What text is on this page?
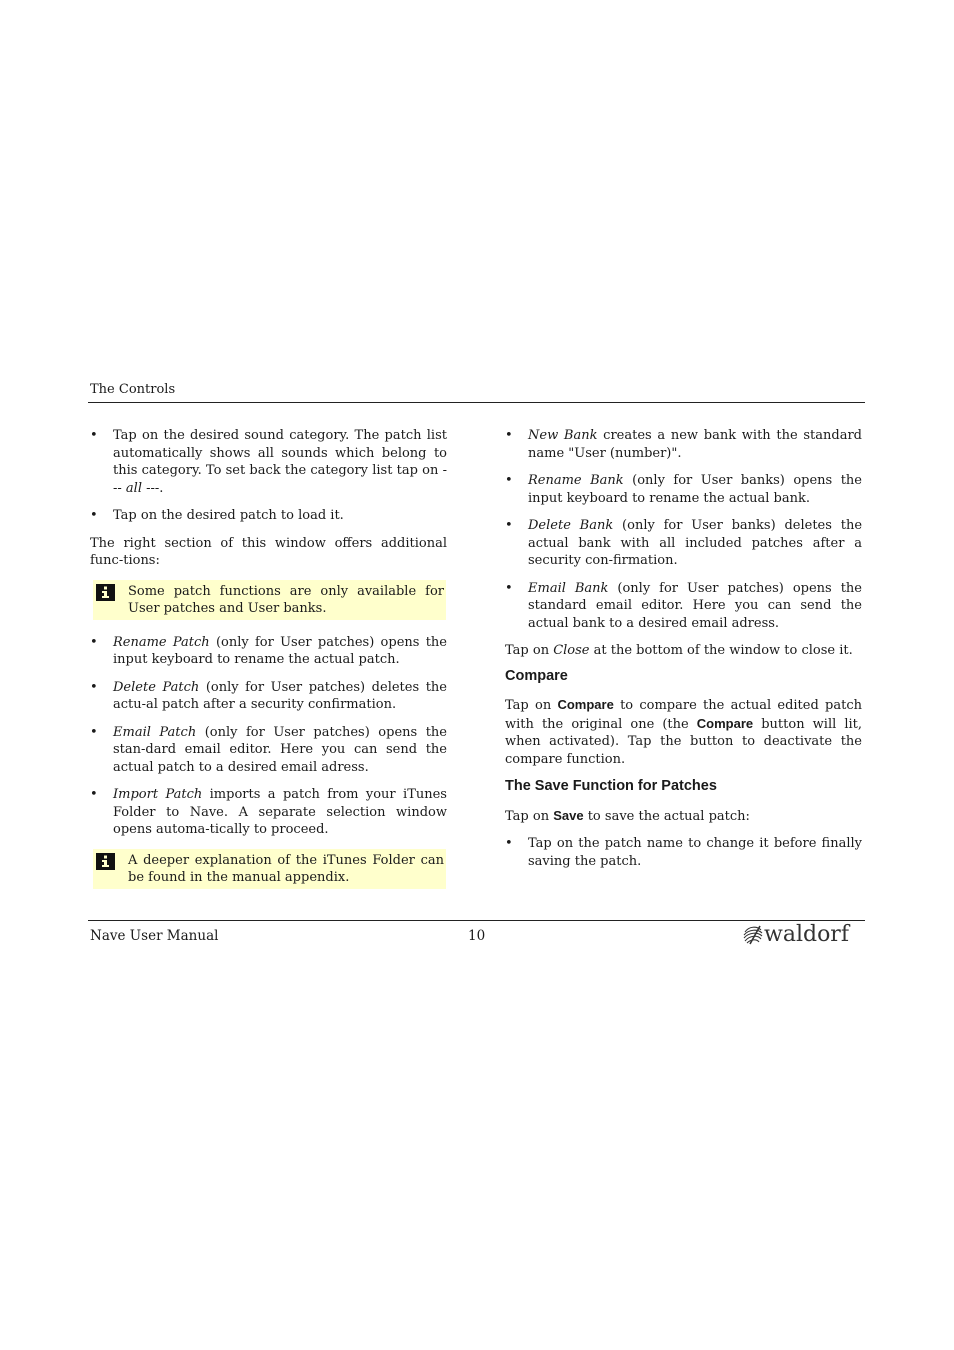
The Controls
• Tap on the desired sound category. The patch list automatically shows all sounds which belong to this category. To set back the category list tap on --- all ---.
• Tap on the desired patch to load it.

The right section of this window offers additional func-tions:

Some patch functions are only available for User patches and User banks.
• Rename Patch (only for User patches) opens the input keyboard to rename the actual patch.
• Delete Patch (only for User patches) deletes the actu-al patch after a security confirmation.
• Email Patch (only for User patches) opens the stan-dard email editor. Here you can send the actual patch to a desired email adress.
• Import Patch imports a patch from your iTunes Folder to Nave. A separate selection window opens automa-tically to proceed.
A deeper explanation of the iTunes Folder can be found in the manual appendix.
• New Bank creates a new bank with the standard name "User (number)".
• Rename Bank (only for User banks) opens the input keyboard to rename the actual bank.
• Delete Bank (only for User banks) deletes the actual bank with all included patches after a security con-firmation.
• Email Bank (only for User patches) opens the standard email editor. Here you can send the actual bank to a desired email adress.

Tap on Close at the bottom of the window to close it.

Compare

Tap on Compare to compare the actual edited patch with the original one (the Compare button will lit, when activated). Tap the button to deactivate the compare function.

The Save Function for Patches

Tap on Save to save the actual patch:

• Tap on the patch name to change it before finally saving the patch.
Nave User Manual	10	waldorf
